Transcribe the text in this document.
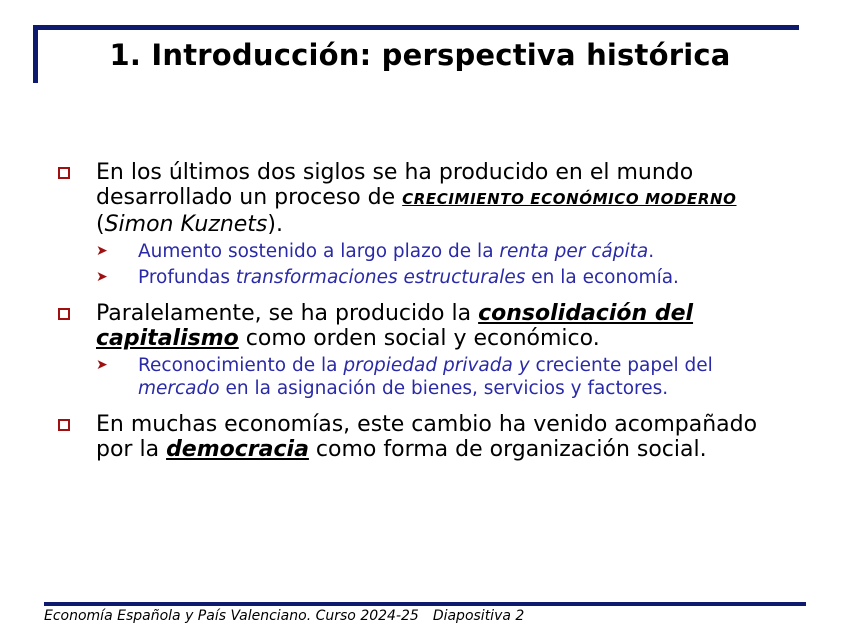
1. Introducción: perspectiva histórica
En los últimos dos siglos se ha producido en el mundo desarrollado un proceso de CRECIMIENTO ECONÓMICO MODERNO (Simon Kuznets).
➤ Aumento sostenido a largo plazo de la renta per cápita.
➤ Profundas transformaciones estructurales en la economía.
Paralelamente, se ha producido la consolidación del capitalismo como orden social y económico.
➤ Reconocimiento de la propiedad privada y creciente papel del mercado en la asignación de bienes, servicios y factores.
En muchas economías, este cambio ha venido acompañado por la democracia como forma de organización social.
Economía Española y País Valenciano. Curso 2024-25 Diapositiva 2
